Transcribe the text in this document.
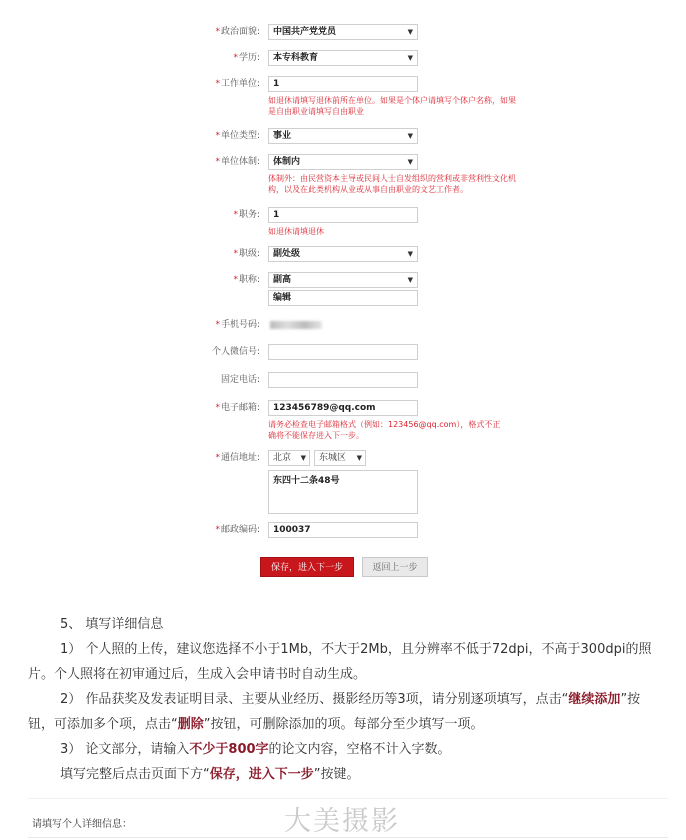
*政治面貌:	中国共产党党员	▼
*学历:	本专科教育	▼
*工作单位:	1
如退休请填写退休前所在单位。如果是个体户请填写个体户名称，如果是自由职业请填写自由职业
*单位类型:	事业	▼
*单位体制:	体制内	▼
体制外：由民营资本主导或民间人士自发组织的营利或非营利性文化机构，以及在此类机构从业或从事自由职业的文艺工作者。
*职务:	1
如退休请填退休
*职级:	副处级	▼
*职称:	副高	▼
编辑
*手机号码:
个人微信号:
固定电话:
*电子邮箱:	123456789@qq.com
请务必检查电子邮箱格式（例如：123456@qq.com），格式不正确将不能保存进入下一步。
*通信地址:	北京 ▼	东城区 ▼
东四十二条48号
*邮政编码:	100037
保存，进入下一步	返回上一步

5、 填写详细信息

1） 个人照的上传，建议您选择不小于1Mb，不大于2Mb，且分辨率不低于72dpi，不高于300dpi的照片。个人照将在初审通过后，生成入会申请书时自动生成。

2） 作品获奖及发表证明目录、主要从业经历、摄影经历等3项，请分别逐项填写，点击“继续添加”按钮，可添加多个项，点击“删除”按钮，可删除添加的项。每部分至少填写一项。

3） 论文部分，请输入不少于800字的论文内容，空格不计入字数。

填写完整后点击页面下方“保存，进入下一步”按键。

请填写个人详细信息：	大美摄影
